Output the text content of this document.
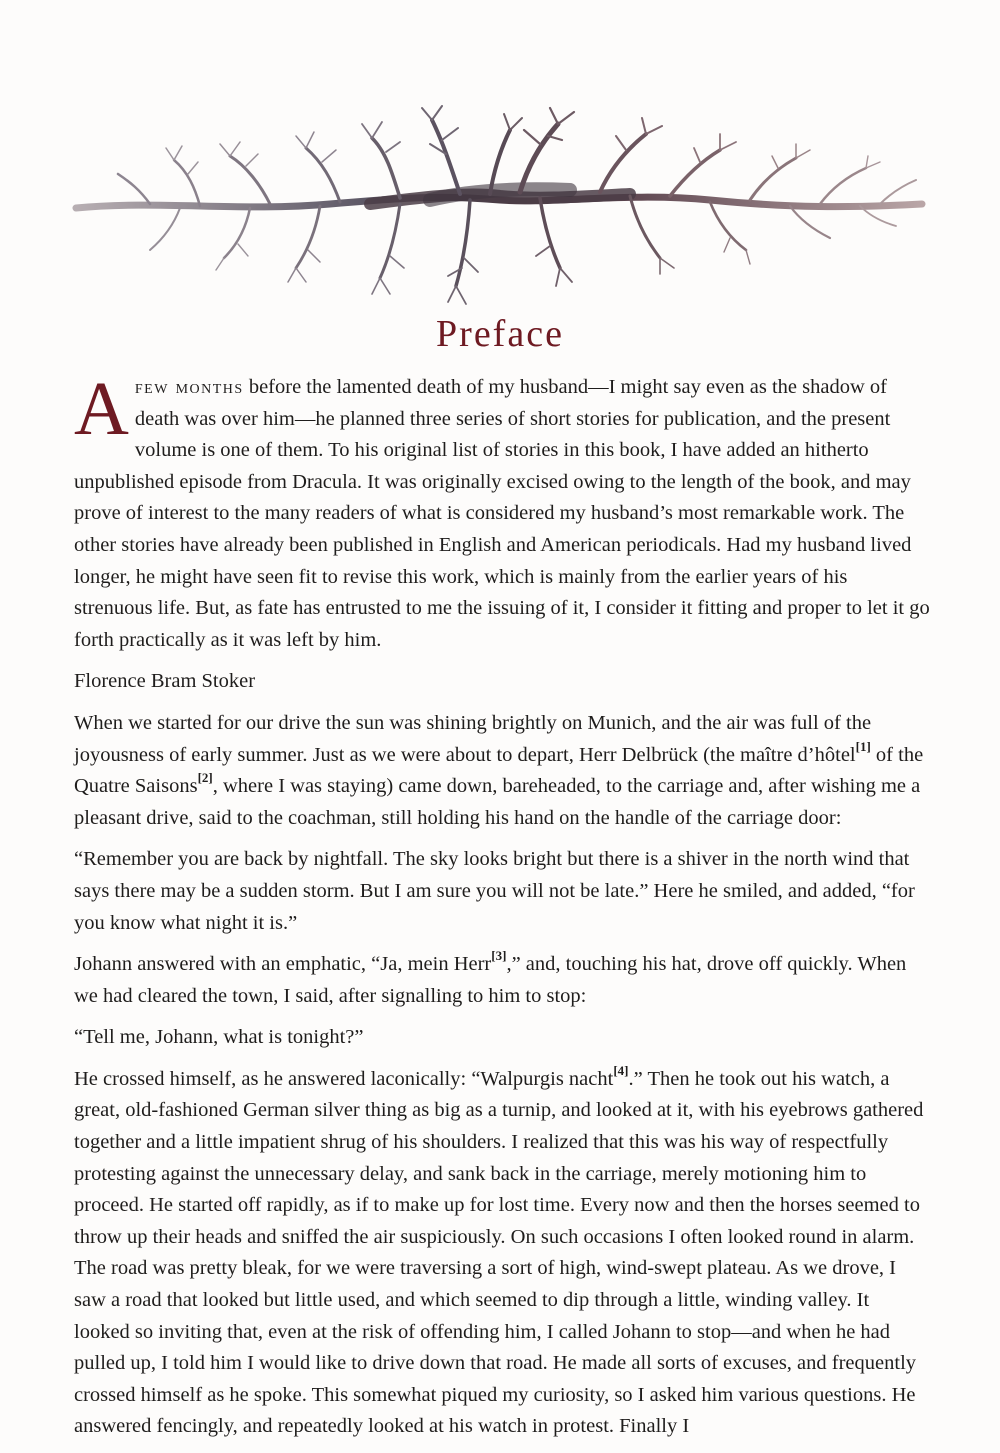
Preface

Afew months before the lamented death of my husband—I might say even as the shadow of death was over him—he planned three series of short stories for publication, and the present volume is one of them. To his original list of stories in this book, I have added an hitherto unpublished episode from Dracula. It was originally excised owing to the length of the book, and may prove of interest to the many readers of what is considered my husband’s most remarkable work. The other stories have already been published in English and American periodicals. Had my husband lived longer, he might have seen fit to revise this work, which is mainly from the earlier years of his strenuous life. But, as fate has entrusted to me the issuing of it, I consider it fitting and proper to let it go forth practically as it was left by him.

Florence Bram Stoker

When we started for our drive the sun was shining brightly on Munich, and the air was full of the joyousness of early summer. Just as we were about to depart, Herr Delbrück (the maître d’hôtel[1] of the Quatre Saisons[2], where I was staying) came down, bareheaded, to the carriage and, after wishing me a pleasant drive, said to the coachman, still holding his hand on the handle of the carriage door:

“Remember you are back by nightfall. The sky looks bright but there is a shiver in the north wind that says there may be a sudden storm. But I am sure you will not be late.” Here he smiled, and added, “for you know what night it is.”

Johann answered with an emphatic, “Ja, mein Herr[3],” and, touching his hat, drove off quickly. When we had cleared the town, I said, after signalling to him to stop:

“Tell me, Johann, what is tonight?”

He crossed himself, as he answered laconically: “Walpurgis nacht[4].” Then he took out his watch, a great, old-fashioned German silver thing as big as a turnip, and looked at it, with his eyebrows gathered together and a little impatient shrug of his shoulders. I realized that this was his way of respectfully protesting against the unnecessary delay, and sank back in the carriage, merely motioning him to proceed. He started off rapidly, as if to make up for lost time. Every now and then the horses seemed to throw up their heads and sniffed the air suspiciously. On such occasions I often looked round in alarm. The road was pretty bleak, for we were traversing a sort of high, wind-swept plateau. As we drove, I saw a road that looked but little used, and which seemed to dip through a little, winding valley. It looked so inviting that, even at the risk of offending him, I called Johann to stop—and when he had pulled up, I told him I would like to drive down that road. He made all sorts of excuses, and frequently crossed himself as he spoke. This somewhat piqued my curiosity, so I asked him various questions. He answered fencingly, and repeatedly looked at his watch in protest. Finally I
